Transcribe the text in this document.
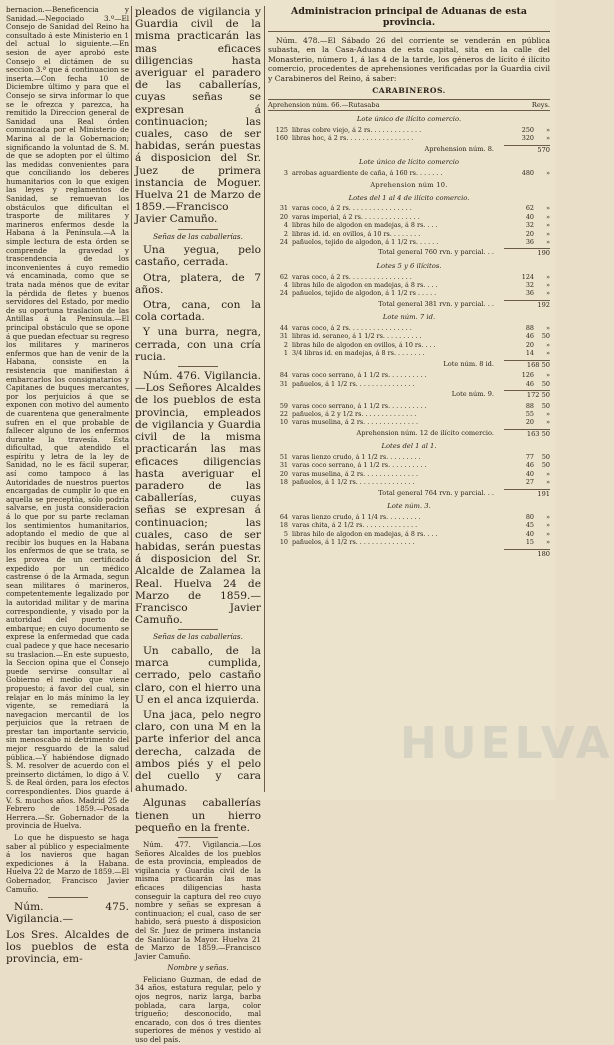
bernacion.—Beneficencia y Sanidad.—Negociado 3.º—El Consejo de Sanidad del Reino ha consultado á este Ministerio en 1 del actual lo siguiente.—En sesion de ayer aprobó este Consejo el dictámen de su seccion 3.ª que á continuacion se inserta.—Con fecha 10 de Diciembre último y para que el Consejo se sirva informar lo que se le ofrezca y parezca, ha remitido la Direccion general de Sanidad una Real órden comunicada por el Ministerio de Marina al de la Gobernacion; significando la voluntad de S. M. de que se adopten por el último las medidas convenientes para que conciliando los deberes humanitarios con lo que exigen las leyes y reglamentos de Sanidad, se remuevan los obstáculos que dificultan el trasporte de militares y marineros enfermos desde la Habana á la Península.—A la simple lectura de esta órden se comprende la gravedad y trascendencia de los inconvenientes á cuyo remedio vá encaminada, como que se trata nada ménos que de evitar la pérdida de fletes y buenos servidores del Estado, por medio de su oportuna traslacion de las Antillas á la Península.—El principal obstáculo que se opone á que puedan efectuar su regreso los militares y marineros enfermos que han de venir de la Habana, consiste en la resistencia que manifiestan á embarcarlos los consignatarios y Capitanes de buques mercantes, por los perjuicios á que se exponen con motivo del aumento de cuarentena que generalmente sufren en el que probable de fallecer alguno de los enfermos durante la travesía. Esta dificultad, que atendido el espíritu y letra de la ley de Sanidad, no le es fácil superar, así como tampoco á las Autoridades de nuestros puertos encargadas de cumplir lo que en aquella se preceptúa, sólo podría salvarse, en justa consideracion á lo que por su parte reclaman los sentimientos humanitarios, adoptando el medio de que al recibir los buques en la Habana los enfermos de que se trata, se les provea de un certificado expedido por un médico castrense ó de la Armada, segun sean militares ó marineros, competentemente legalizado por la autoridad militar y de marina correspondiente, y visado por la autoridad del puerto de embarque; en cuyo documento se exprese la enfermedad que cada cual padece y que hace necesario su traslacion.—En este supuesto, la Seccion opina que el Consejo puede servirse consultar al Gobierno el medio que viene propuesto; á favor del cual, sin relajar en lo más mínimo la ley vigente, se remediará la navegacion mercantil de los perjuicios que la retraen de prestar tan importante servicio, sin menoscabo ni detrimento del mejor resguardo de la salud pública.—Y habiéndose dignado S. M. resolver de acuerdo con el preinserto dictámen, lo digo á V. S. de Real órden, para los efectos correspondientes. Dios guarde á V. S. muchos años. Madrid 25 de Febrero de 1859.—Posada Herrera.—Sr. Gobernador de la provincia de Huelva.

Lo que he dispuesto se haga saber al público y especialmente á los navieros que hagan expediciones á la Habana. Huelva 22 de Marzo de 1859.—El Gobernador, Francisco Javier Camuño.

Núm. 475. Vigilancia.—

Los Sres. Alcaldes de los pueblos de esta provincia, em-

pleados de vigilancia y Guardia civil de la misma practicarán las mas eficaces diligencias hasta averiguar el paradero de las caballerías, cuyas señas se expresan á continuacion; las cuales, caso de ser habidas, serán puestas á disposicion del Sr. Juez de primera instancia de Moguer. Huelva 21 de Marzo de 1859.—Francisco Javier Camuño.

Señas de las caballerías.

Una yegua, pelo castaño, cerrada.

Otra, platera, de 7 años.

Otra, cana, con la cola cortada.

Y una burra, negra, cerrada, con una cría rucia.

Núm. 476. Vigilancia.—Los Señores Alcaldes de los pueblos de esta provincia, empleados de vigilancia y Guardia civil de la misma practicarán las mas eficaces diligencias hasta averiguar el paradero de las caballerías, cuyas señas se expresan á continuacion; las cuales, caso de ser habidas, serán puestas á disposicion del Sr. Alcalde de Zalamea la Real. Huelva 24 de Marzo de 1859.—Francisco Javier Camuño.

Señas de las caballerías.

Un caballo, de la marca cumplida, cerrado, pelo castaño claro, con el hierro una U en el anca izquierda.

Una jaca, pelo negro claro, con una M en la parte inferior del anca derecha, calzada de ambos piés y el pelo del cuello y cara ahumado.

Algunas caballerías tienen un hierro pequeño en la frente.

Núm. 477. Vigilancia.—Los Señores Alcaldes de los pueblos de esta provincia, empleados de vigilancia y Guardia civil de la misma practicarán las mas eficaces diligencias hasta conseguir la captura del reo cuyo nombre y señas se expresan á continuacion; el cual, caso de ser habido, será puesto á disposicion del Sr. Juez de primera instancia de Sanlúcar la Mayor. Huelva 21 de Marzo de 1859.—Francisco Javier Camuño.

Nombre y señas.

Feliciano Guzman, de edad de 34 años, estatura regular, pelo y ojos negros, nariz larga, barba poblada, cara larga, color trigueño; desconocido, mal encarado, con dos ó tres dientes superiores de ménos y vestido al uso del país.

Administracion principal de Aduanas de esta provincia.

Núm. 478.—El Sábado 26 del corriente se venderán en pública subasta, en la Casa-Aduana de esta capital, sita en la calle del Monasterio, número 1, á las 4 de la tarde, los géneros de lícito é ilícito comercio, procedentes de aprehensiones verificadas por la Guardia civil y Carabineros del Reino, á saber:

CARABINEROS.
Aprehension núm. 66.—Rutasaba	Reys.
Lote único de ilícito comercio.
125 libras cobre viejo, á 2 rs. . . . . . . . . . . . .	250	»
160 libras hoc, á 2 rs. . . . . . . . . . . . . . . . .	320	»
Aprehension núm. 8.	570
Lote único de lícito comercio
3 arrobas aguardiente de caña, á 160 rs. . . . . . .	480	»
Aprehension núm 10.
Lotes del 1 al 4 de ilícito comercio.
31 varas coco, á 2 rs. . . . . . . . . . . . . . . .	62	»
20 varas imperial, á 2 rs. . . . . . . . . . . . . . .	40	»
4 libras hilo de algodon en madejas, á 8 rs. . . .	32	»
2 libras id. id. en ovillos, á 10 rs. . . . . . . .	20	»
24 pañuelos, tejido de algodon, á 1 1/2 rs. . . . . .	36	»
Total general 760 rvn. y parcial. . .	190
Lotes 5 y 6 ilícitos.
62 varas coco, á 2 rs. . . . . . . . . . . . . . . .	124	»
4 libras hilo de algodon en madejas, á 8 rs. . . .	32	»
24 pañuelos, tejido de algodon, á 1 1/2 rs . . . . .	36	»
Total general 381 rvn. y parcial. . .	192
Lote núm. 7 id.
44 varas coco, á 2 rs. . . . . . . . . . . . . . . .	88	»
31 libras id. seraneo, á 1 1/2 rs. . . . . . . . . .	46	50
2 libras hilo de algodon en ovillos, á 10 rs. . . .	20	»
1 3/4 libras id. en madejas, á 8 rs. . . . . . . .	14	»
Lote núm. 8 id.	168 50
84 varas coco serrano, á 1 1/2 rs. . . . . . . . . .	126	»
31 pañuelos, á 1 1/2 rs. . . . . . . . . . . . . . .	46	50
Lote núm. 9.	172 50
59 varas coco serrano, á 1 1/2 rs. . . . . . . . . .	88	50
22 pañuelos, á 2 y 1/2 rs. . . . . . . . . . . . . .	55	»
10 varas muselina, á 2 rs. . . . . . . . . . . . . .	20	»
Aprehension núm. 12 de ilícito comercio.	163 50
Lotes del 1 al 1.
51 varas lienzo crudo, á 1 1/2 rs. . . . . . . . .	77	50
31 varas coco serrano, á 1 1/2 rs. . . . . . . . . .	46	50
20 varas muselina, á 2 rs. . . . . . . . . . . . . .	40	»
18 pañuelos, á 1 1/2 rs. . . . . . . . . . . . . . .	27	»
Total general 764 rvn. y parcial. . .	191
Lote núm. 3.
64 varas lienzo crudo, á 1 1/4 rs. . . . . . . . .	80	»
18 varas chita, á 2 1/2 rs. . . . . . . . . . . . . .	45	»
5 libras hilo de algodon en madejas, á 8 rs. . . .	40	»
10 pañuelos, á 1 1/2 rs. . . . . . . . . . . . . . .	15	»
180
HUELVA
